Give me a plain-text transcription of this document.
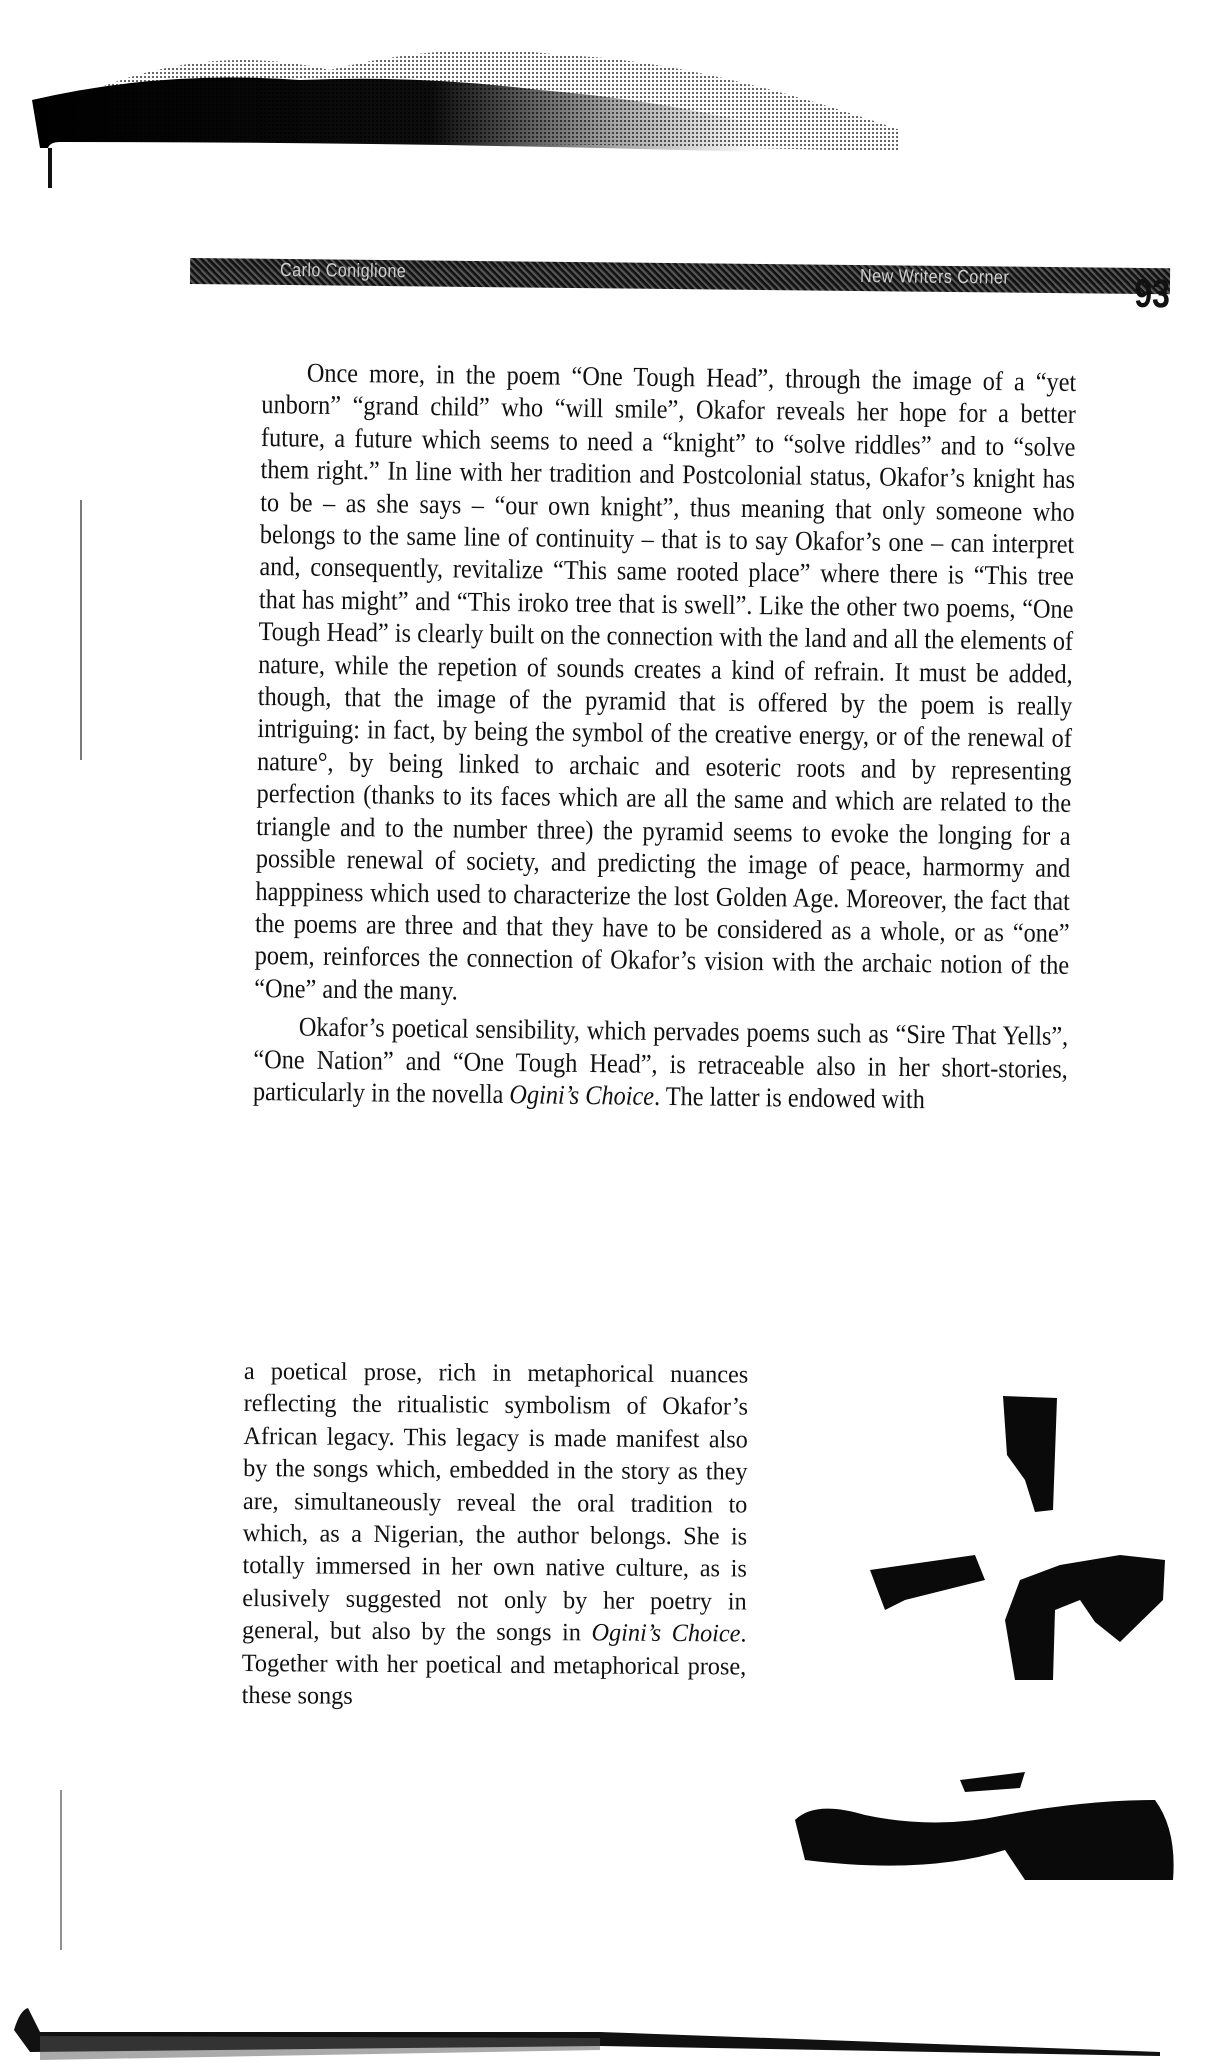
Carlo Coniglione	New Writers Corner	93

Once more, in the poem “One Tough Head”, through the image of a “yet unborn” “grand child” who “will smile”, Okafor reveals her hope for a better future, a future which seems to need a “knight” to “solve riddles” and to “solve them right.” In line with her tradition and Postcolonial status, Okafor’s knight has to be – as she says – “our own knight”, thus meaning that only someone who belongs to the same line of continuity – that is to say Okafor’s one – can interpret and, consequently, revitalize “This same rooted place” where there is “This tree that has might” and “This iroko tree that is swell”. Like the other two poems, “One Tough Head” is clearly built on the connection with the land and all the elements of nature, while the repetion of sounds creates a kind of refrain. It must be added, though, that the image of the pyramid that is offered by the poem is really intriguing: in fact, by being the symbol of the creative energy, or of the renewal of nature°, by being linked to archaic and esoteric roots and by representing perfection (thanks to its faces which are all the same and which are related to the triangle and to the number three) the pyramid seems to evoke the longing for a possible renewal of society, and predicting the image of peace, harmormy and happpiness which used to characterize the lost Golden Age. Moreover, the fact that the poems are three and that they have to be considered as a whole, or as “one” poem, reinforces the connection of Okafor’s vision with the archaic notion of the “One” and the many.

Okafor’s poetical sensibility, which pervades poems such as “Sire That Yells”, “One Nation” and “One Tough Head”, is retraceable also in her short-stories, particularly in the novella Ogini’s Choice. The latter is endowed with

a poetical prose, rich in metaphorical nuances reflecting the ritualistic symbolism of Okafor’s African legacy. This legacy is made manifest also by the songs which, embedded in the story as they are, simultaneously reveal the oral tradition to which, as a Nigerian, the author belongs. She is totally immersed in her own native culture, as is elusively suggested not only by her poetry in general, but also by the songs in Ogini’s Choice. Together with her poetical and metaphorical prose, these songs
